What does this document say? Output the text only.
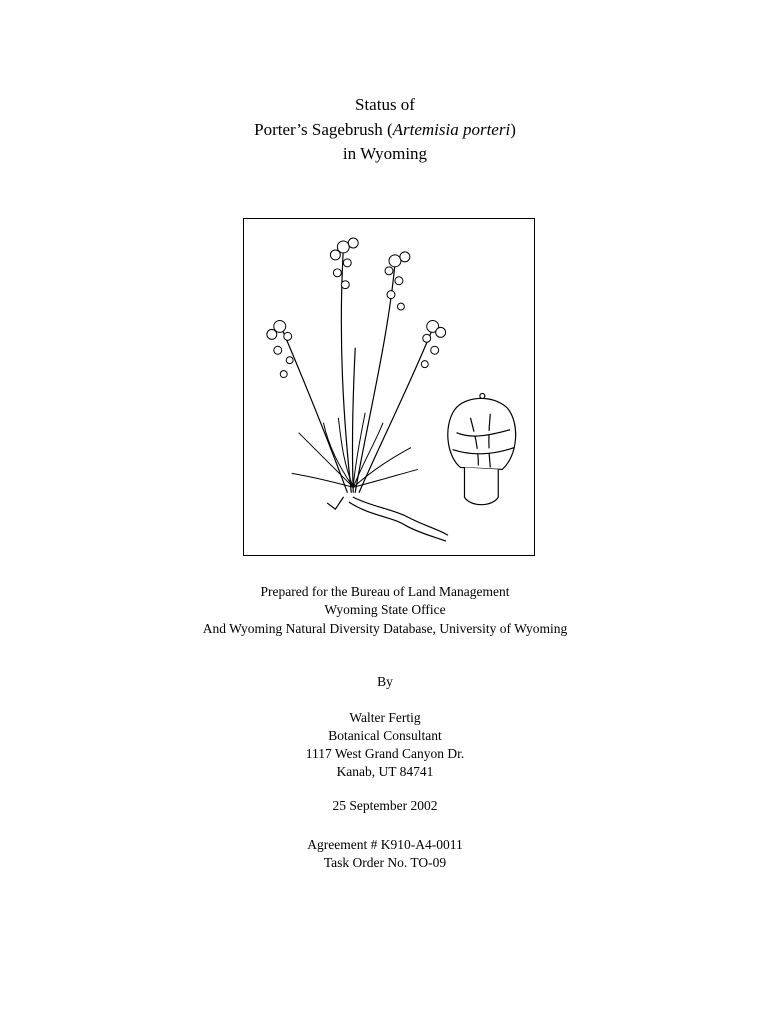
Status of
Porter’s Sagebrush (Artemisia porteri)
in Wyoming
Prepared for the Bureau of Land Management
Wyoming State Office
And Wyoming Natural Diversity Database, University of Wyoming
By
Walter Fertig
Botanical Consultant
1117 West Grand Canyon Dr.
Kanab, UT 84741
25 September 2002
Agreement # K910-A4-0011
Task Order No. TO-09
